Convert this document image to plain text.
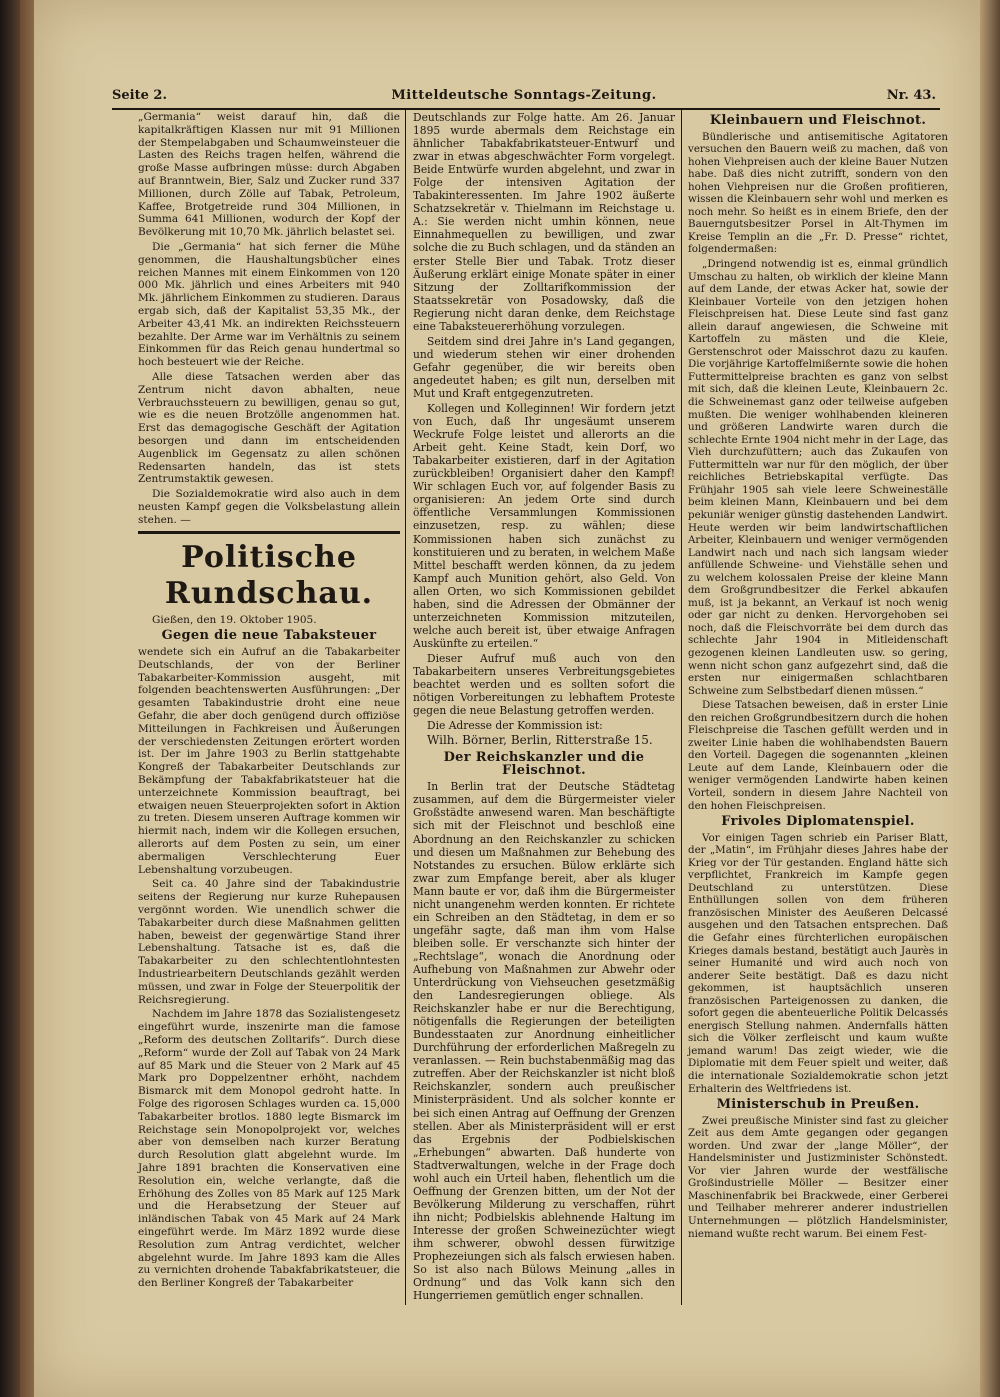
Seite 2.	Mitteldeutsche Sonntags-Zeitung.	Nr. 43.

„Germania“ weist darauf hin, daß die kapitalkräftigen Klassen nur mit 91 Millionen der Stempelabgaben und Schaumweinsteuer die Lasten des Reichs tragen helfen, während die große Masse aufbringen müsse: durch Abgaben auf Branntwein, Bier, Salz und Zucker rund 337 Millionen, durch Zölle auf Tabak, Petroleum, Kaffee, Brotgetreide rund 304 Millionen, in Summa 641 Millionen, wodurch der Kopf der Bevölkerung mit 10,70 Mk. jährlich belastet sei.

Die „Germania“ hat sich ferner die Mühe genommen, die Haushaltungsbücher eines reichen Mannes mit einem Einkommen von 120 000 Mk. jährlich und eines Arbeiters mit 940 Mk. jährlichem Einkommen zu studieren. Daraus ergab sich, daß der Kapitalist 53,35 Mk., der Arbeiter 43,41 Mk. an indirekten Reichssteuern bezahlte. Der Arme war im Verhältnis zu seinem Einkommen für das Reich genau hundertmal so hoch besteuert wie der Reiche.

Alle diese Tatsachen werden aber das Zentrum nicht davon abhalten, neue Verbrauchssteuern zu bewilligen, genau so gut, wie es die neuen Brotzölle angenommen hat. Erst das demagogische Geschäft der Agitation besorgen und dann im entscheidenden Augenblick im Gegensatz zu allen schönen Redensarten handeln, das ist stets Zentrumstaktik gewesen.

Die Sozialdemokratie wird also auch in dem neusten Kampf gegen die Volksbelastung allein stehen. —

Politische Rundschau.

Gießen, den 19. Oktober 1905.

Gegen die neue Tabaksteuer

wendete sich ein Aufruf an die Tabakarbeiter Deutschlands, der von der Berliner Tabakarbeiter-Kommission ausgeht, mit folgenden beachtenswerten Ausführungen: „Der gesamten Tabakindustrie droht eine neue Gefahr, die aber doch genügend durch offiziöse Mitteilungen in Fachkreisen und Äußerungen der verschiedensten Zeitungen erörtert worden ist. Der im Jahre 1903 zu Berlin stattgehabte Kongreß der Tabakarbeiter Deutschlands zur Bekämpfung der Tabakfabrikatsteuer hat die unterzeichnete Kommission beauftragt, bei etwaigen neuen Steuerprojekten sofort in Aktion zu treten. Diesem unseren Auftrage kommen wir hiermit nach, indem wir die Kollegen ersuchen, allerorts auf dem Posten zu sein, um einer abermaligen Verschlechterung Euer Lebenshaltung vorzubeugen.

Seit ca. 40 Jahre sind der Tabakindustrie seitens der Regierung nur kurze Ruhepausen vergönnt worden. Wie unendlich schwer die Tabakarbeiter durch diese Maßnahmen gelitten haben, beweist der gegenwärtige Stand ihrer Lebenshaltung. Tatsache ist es, daß die Tabakarbeiter zu den schlechtentlohntesten Industriearbeitern Deutschlands gezählt werden müssen, und zwar in Folge der Steuerpolitik der Reichsregierung.

Nachdem im Jahre 1878 das Sozialistengesetz eingeführt wurde, inszenirte man die famose „Reform des deutschen Zolltarifs“. Durch diese „Reform“ wurde der Zoll auf Tabak von 24 Mark auf 85 Mark und die Steuer von 2 Mark auf 45 Mark pro Doppelzentner erhöht, nachdem Bismarck mit dem Monopol gedroht hatte. In Folge des rigorosen Schlages wurden ca. 15,000 Tabakarbeiter brotlos. 1880 legte Bismarck im Reichstage sein Monopolprojekt vor, welches aber von demselben nach kurzer Beratung durch Resolution glatt abgelehnt wurde. Im Jahre 1891 brachten die Konservativen eine Resolution ein, welche verlangte, daß die Erhöhung des Zolles von 85 Mark auf 125 Mark und die Herabsetzung der Steuer auf inländischen Tabak von 45 Mark auf 24 Mark eingeführt werde. Im März 1892 wurde diese Resolution zum Antrag verdichtet, welcher abgelehnt wurde. Im Jahre 1893 kam die Alles zu vernichten drohende Tabakfabrikatsteuer, die den Berliner Kongreß der Tabakarbeiter

Deutschlands zur Folge hatte. Am 26. Januar 1895 wurde abermals dem Reichstage ein ähnlicher Tabakfabrikatsteuer-Entwurf und zwar in etwas abgeschwächter Form vorgelegt. Beide Entwürfe wurden abgelehnt, und zwar in Folge der intensiven Agitation der Tabakinteressenten. Im Jahre 1902 äußerte Schatzsekretär v. Thielmann im Reichstage u. A.: Sie werden nicht umhin können, neue Einnahmequellen zu bewilligen, und zwar solche die zu Buch schlagen, und da ständen an erster Stelle Bier und Tabak. Trotz dieser Äußerung erklärt einige Monate später in einer Sitzung der Zolltarifkommission der Staatssekretär von Posadowsky, daß die Regierung nicht daran denke, dem Reichstage eine Tabaksteuererhöhung vorzulegen.

Seitdem sind drei Jahre in's Land gegangen, und wiederum stehen wir einer drohenden Gefahr gegenüber, die wir bereits oben angedeutet haben; es gilt nun, derselben mit Mut und Kraft entgegenzutreten.

Kollegen und Kolleginnen! Wir fordern jetzt von Euch, daß Ihr ungesäumt unserem Weckrufe Folge leistet und allerorts an die Arbeit geht. Keine Stadt, kein Dorf, wo Tabakarbeiter existieren, darf in der Agitation zurückbleiben! Organisiert daher den Kampf! Wir schlagen Euch vor, auf folgender Basis zu organisieren: An jedem Orte sind durch öffentliche Versammlungen Kommissionen einzusetzen, resp. zu wählen; diese Kommissionen haben sich zunächst zu konstituieren und zu beraten, in welchem Maße Mittel beschafft werden können, da zu jedem Kampf auch Munition gehört, also Geld. Von allen Orten, wo sich Kommissionen gebildet haben, sind die Adressen der Obmänner der unterzeichneten Kommission mitzuteilen, welche auch bereit ist, über etwaige Anfragen Auskünfte zu erteilen.“

Dieser Aufruf muß auch von den Tabakarbeitern unseres Verbreitungsgebietes beachtet werden und es sollten sofort die nötigen Vorbereitungen zu lebhaftem Proteste gegen die neue Belastung getroffen werden.

Die Adresse der Kommission ist:

Wilh. Börner, Berlin, Ritterstraße 15.

Der Reichskanzler und die Fleischnot.

In Berlin trat der Deutsche Städtetag zusammen, auf dem die Bürgermeister vieler Großstädte anwesend waren. Man beschäftigte sich mit der Fleischnot und beschloß eine Abordnung an den Reichskanzler zu schicken und diesen um Maßnahmen zur Behebung des Notstandes zu ersuchen. Bülow erklärte sich zwar zum Empfange bereit, aber als kluger Mann baute er vor, daß ihm die Bürgermeister nicht unangenehm werden konnten. Er richtete ein Schreiben an den Städtetag, in dem er so ungefähr sagte, daß man ihm vom Halse bleiben solle. Er verschanzte sich hinter der „Rechtslage“, wonach die Anordnung oder Aufhebung von Maßnahmen zur Abwehr oder Unterdrückung von Viehseuchen gesetzmäßig den Landesregierungen obliege. Als Reichskanzler habe er nur die Berechtigung, nötigenfalls die Regierungen der beteiligten Bundesstaaten zur Anordnung einheitlicher Durchführung der erforderlichen Maßregeln zu veranlassen. — Rein buchstabenmäßig mag das zutreffen. Aber der Reichskanzler ist nicht bloß Reichskanzler, sondern auch preußischer Ministerpräsident. Und als solcher konnte er bei sich einen Antrag auf Oeffnung der Grenzen stellen. Aber als Ministerpräsident will er erst das Ergebnis der Podbielskischen „Erhebungen“ abwarten. Daß hunderte von Stadtverwaltungen, welche in der Frage doch wohl auch ein Urteil haben, flehentlich um die Oeffnung der Grenzen bitten, um der Not der Bevölkerung Milderung zu verschaffen, rührt ihn nicht; Podbielskis ablehnende Haltung im Interesse der großen Schweinezüchter wiegt ihm schwerer, obwohl dessen fürwitzige Prophezeiungen sich als falsch erwiesen haben. So ist also nach Bülows Meinung „alles in Ordnung“ und das Volk kann sich den Hungerriemen gemütlich enger schnallen.

Kleinbauern und Fleischnot.

Bündlerische und antisemitische Agitatoren versuchen den Bauern weiß zu machen, daß von hohen Viehpreisen auch der kleine Bauer Nutzen habe. Daß dies nicht zutrifft, sondern von den hohen Viehpreisen nur die Großen profitieren, wissen die Kleinbauern sehr wohl und merken es noch mehr. So heißt es in einem Briefe, den der Bauerngutsbesitzer Porsel in Alt-Thymen im Kreise Templin an die „Fr. D. Presse“ richtet, folgendermaßen:

„Dringend notwendig ist es, einmal gründlich Umschau zu halten, ob wirklich der kleine Mann auf dem Lande, der etwas Acker hat, sowie der Kleinbauer Vorteile von den jetzigen hohen Fleischpreisen hat. Diese Leute sind fast ganz allein darauf angewiesen, die Schweine mit Kartoffeln zu mästen und die Kleie, Gerstenschrot oder Maisschrot dazu zu kaufen. Die vorjährige Kartoffelmißernte sowie die hohen Futtermittelpreise brachten es ganz von selbst mit sich, daß die kleinen Leute, Kleinbauern 2c. die Schweinemast ganz oder teilweise aufgeben mußten. Die weniger wohlhabenden kleineren und größeren Landwirte waren durch die schlechte Ernte 1904 nicht mehr in der Lage, das Vieh durchzufüttern; auch das Zukaufen von Futtermitteln war nur für den möglich, der über reichliches Betriebskapital verfügte. Das Frühjahr 1905 sah viele leere Schweineställe beim kleinen Mann, Kleinbauern und bei dem pekuniär weniger günstig dastehenden Landwirt. Heute werden wir beim landwirtschaftlichen Arbeiter, Kleinbauern und weniger vermögenden Landwirt nach und nach sich langsam wieder anfüllende Schweine- und Viehställe sehen und zu welchem kolossalen Preise der kleine Mann dem Großgrundbesitzer die Ferkel abkaufen muß, ist ja bekannt, an Verkauf ist noch wenig oder gar nicht zu denken. Hervorgehoben sei noch, daß die Fleischvorräte bei dem durch das schlechte Jahr 1904 in Mitleidenschaft gezogenen kleinen Landleuten usw. so gering, wenn nicht schon ganz aufgezehrt sind, daß die ersten nur einigermaßen schlachtbaren Schweine zum Selbstbedarf dienen müssen.“

Diese Tatsachen beweisen, daß in erster Linie den reichen Großgrundbesitzern durch die hohen Fleischpreise die Taschen gefüllt werden und in zweiter Linie haben die wohlhabendsten Bauern den Vorteil. Dagegen die sogenannten „kleinen Leute auf dem Lande, Kleinbauern oder die weniger vermögenden Landwirte haben keinen Vorteil, sondern in diesem Jahre Nachteil von den hohen Fleischpreisen.

Frivoles Diplomatenspiel.

Vor einigen Tagen schrieb ein Pariser Blatt, der „Matin“, im Frühjahr dieses Jahres habe der Krieg vor der Tür gestanden. England hätte sich verpflichtet, Frankreich im Kampfe gegen Deutschland zu unterstützen. Diese Enthüllungen sollen von dem früheren französischen Minister des Aeußeren Delcassé ausgehen und den Tatsachen entsprechen. Daß die Gefahr eines fürchterlichen europäischen Krieges damals bestand, bestätigt auch Jaurès in seiner Humanité und wird auch noch von anderer Seite bestätigt. Daß es dazu nicht gekommen, ist hauptsächlich unseren französischen Parteigenossen zu danken, die sofort gegen die abenteuerliche Politik Delcassés energisch Stellung nahmen. Andernfalls hätten sich die Völker zerfleischt und kaum wußte jemand warum! Das zeigt wieder, wie die Diplomatie mit dem Feuer spielt und weiter, daß die internationale Sozialdemokratie schon jetzt Erhalterin des Weltfriedens ist.

Ministerschub in Preußen.

Zwei preußische Minister sind fast zu gleicher Zeit aus dem Amte gegangen oder gegangen worden. Und zwar der „lange Möller“, der Handelsminister und Justizminister Schönstedt. Vor vier Jahren wurde der westfälische Großindustrielle Möller — Besitzer einer Maschinenfabrik bei Brackwede, einer Gerberei und Teilhaber mehrerer anderer industriellen Unternehmungen — plötzlich Handelsminister, niemand wußte recht warum. Bei einem Fest-
